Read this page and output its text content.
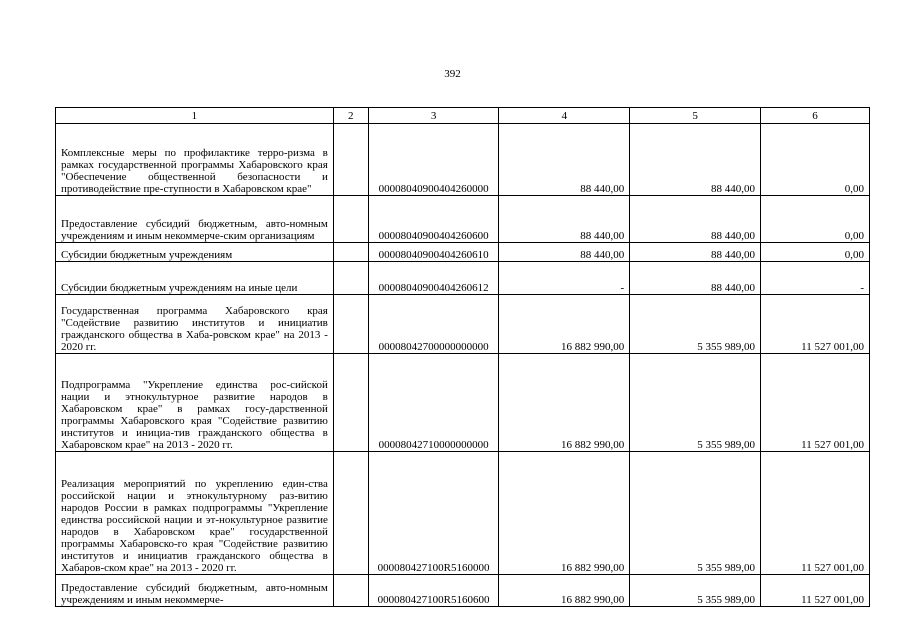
392
1	2	3	4	5	6
Комплексные меры по профилактике терро-ризма в рамках государственной программы Хабаровского края "Обеспечение общественной безопасности и противодействие пре-ступности в Хабаровском крае"		00008040900404260000	88 440,00	88 440,00	0,00
Предоставление субсидий бюджетным, авто-номным учреждениям и иным некоммерче-ским организациям		00008040900404260600	88 440,00	88 440,00	0,00
Субсидии бюджетным учреждениям		00008040900404260610	88 440,00	88 440,00	0,00
Субсидии бюджетным учреждениям на иные цели		00008040900404260612	-	88 440,00	-
Государственная программа Хабаровского края "Содействие развитию институтов и инициатив гражданского общества в Хаба-ровском крае" на 2013 - 2020 гг.		00008042700000000000	16 882 990,00	5 355 989,00	11 527 001,00
Подпрограмма "Укрепление единства рос-сийской нации и этнокультурное развитие народов в Хабаровском крае" в рамках госу-дарственной программы Хабаровского края "Содействие развитию институтов и инициа-тив гражданского общества в Хабаровском крае" на 2013 - 2020 гг.		00008042710000000000	16 882 990,00	5 355 989,00	11 527 001,00
Реализация мероприятий по укреплению един-ства российской нации и этнокультурному раз-витию народов России в рамках подпрограммы "Укрепление единства российской нации и эт-нокультурное развитие народов в Хабаровском крае" государственной программы Хабаровско-го края "Содействие развитию институтов и инициатив гражданского общества в Хабаров-ском крае" на 2013 - 2020 гг.		000080427100R5160000	16 882 990,00	5 355 989,00	11 527 001,00
Предоставление субсидий бюджетным, авто-номным учреждениям и иным некоммерче-		000080427100R5160600	16 882 990,00	5 355 989,00	11 527 001,00
